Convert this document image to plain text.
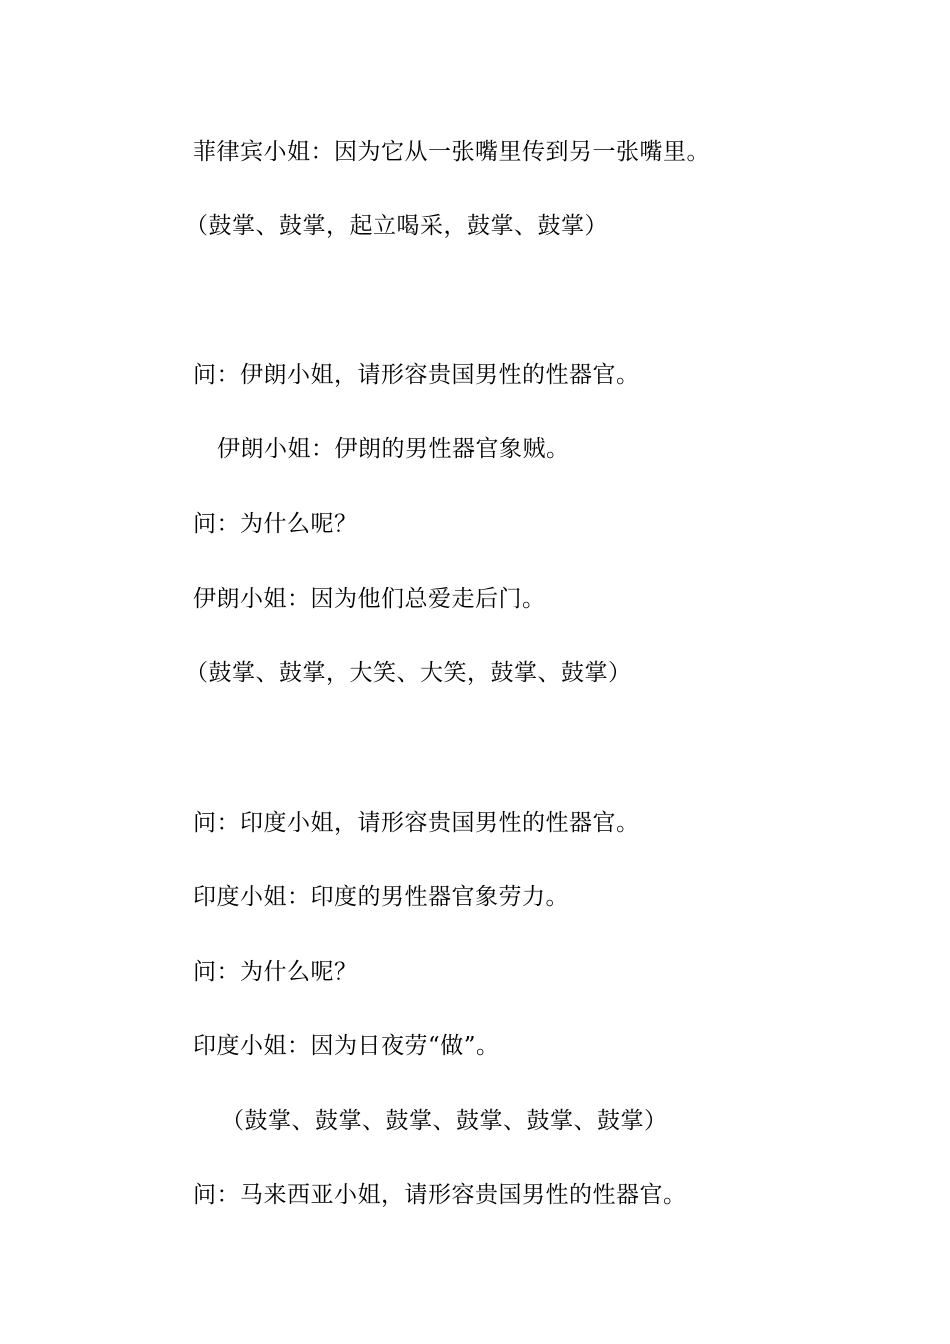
菲律宾小姐：因为它从一张嘴里传到另一张嘴里。
（鼓掌、鼓掌，起立喝采，鼓掌、鼓掌）
问：伊朗小姐，请形容贵国男性的性器官。
伊朗小姐：伊朗的男性器官象贼。
问：为什么呢？
伊朗小姐：因为他们总爱走后门。
（鼓掌、鼓掌，大笑、大笑，鼓掌、鼓掌）
问：印度小姐，请形容贵国男性的性器官。
印度小姐：印度的男性器官象劳力。
问：为什么呢？
印度小姐：因为日夜劳“做”。
（鼓掌、鼓掌、鼓掌、鼓掌、鼓掌、鼓掌）
问：马来西亚小姐，请形容贵国男性的性器官。
